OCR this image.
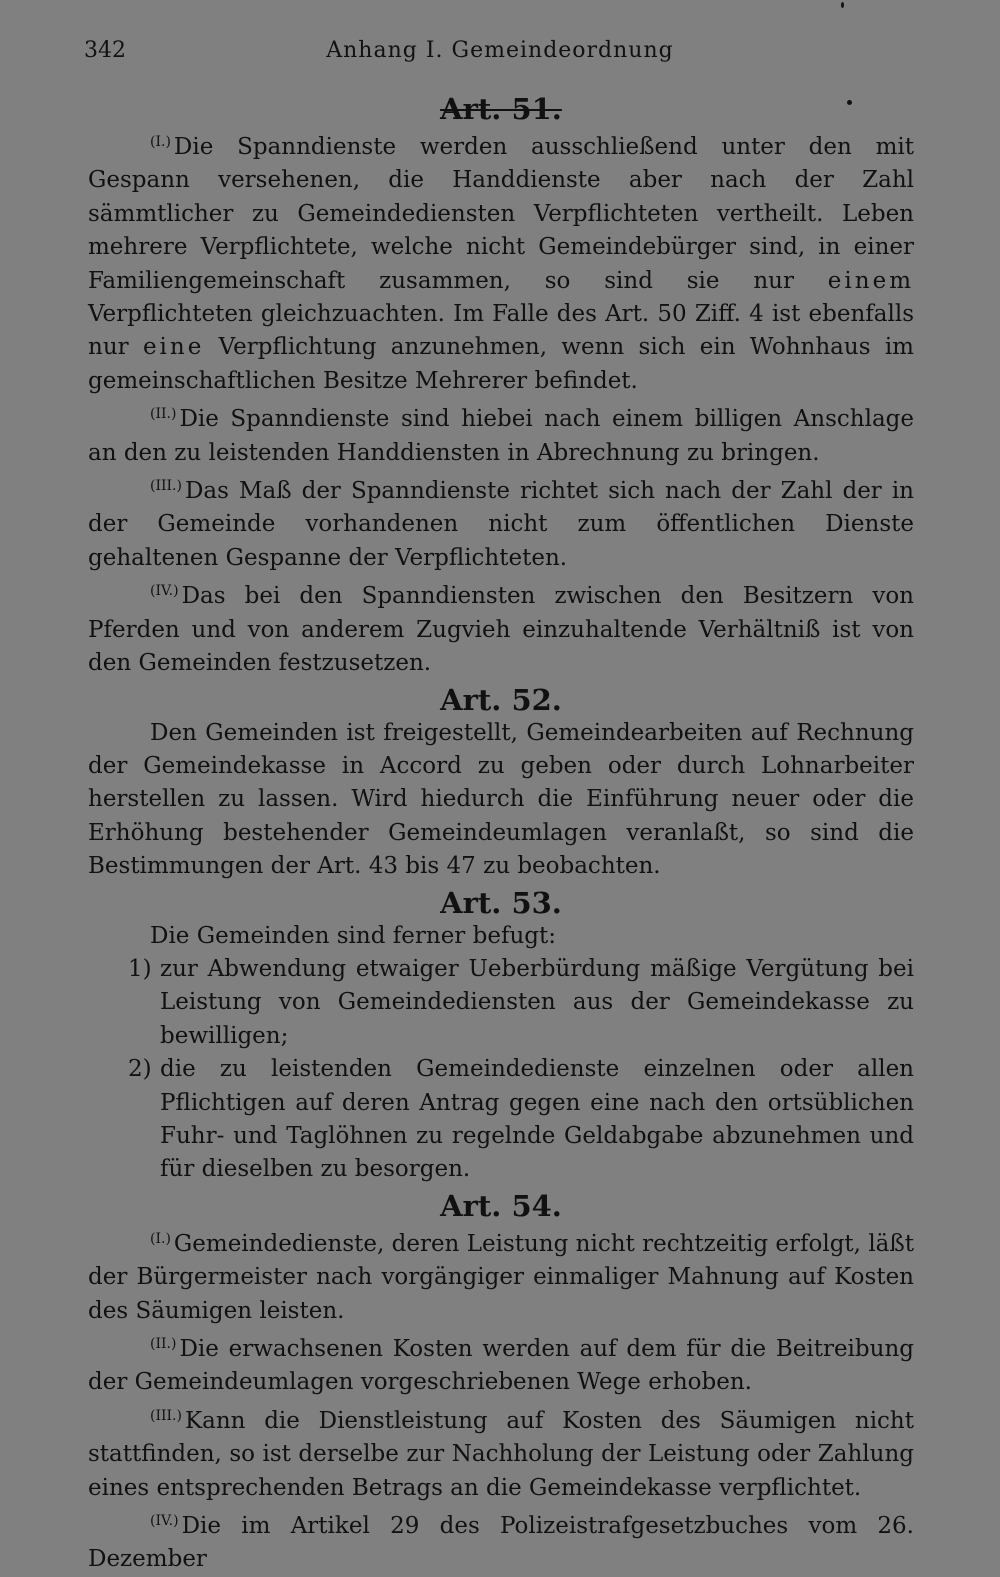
342	Anhang I. Gemeindeordnung
Art. 51.

$^{(I.)}$ Die Spanndienste werden ausschließend unter den mit Gespann versehenen, die Handdienste aber nach der Zahl sämmtlicher zu Gemeindediensten Verpflichteten vertheilt. Leben mehrere Verpflichtete, welche nicht Gemeindebürger sind, in einer Familiengemeinschaft zusammen, so sind sie nur einem Verpflichteten gleichzuachten. Im Falle des Art. 50 Ziff. 4 ist ebenfalls nur eine Verpflichtung anzunehmen, wenn sich ein Wohnhaus im gemeinschaftlichen Besitze Mehrerer befindet.

$^{(II.)}$ Die Spanndienste sind hiebei nach einem billigen Anschlage an den zu leistenden Handdiensten in Abrechnung zu bringen.

$^{(III.)}$ Das Maß der Spanndienste richtet sich nach der Zahl der in der Gemeinde vorhandenen nicht zum öffentlichen Dienste gehaltenen Gespanne der Verpflichteten.

$^{(IV.)}$ Das bei den Spanndiensten zwischen den Besitzern von Pferden und von anderem Zugvieh einzuhaltende Verhältniß ist von den Gemeinden festzusetzen.

Art. 52.

Den Gemeinden ist freigestellt, Gemeindearbeiten auf Rechnung der Gemeindekasse in Accord zu geben oder durch Lohnarbeiter herstellen zu lassen. Wird hiedurch die Einführung neuer oder die Erhöhung bestehender Gemeindeumlagen veranlaßt, so sind die Bestimmungen der Art. 43 bis 47 zu beobachten.

Art. 53.

Die Gemeinden sind ferner befugt:

1) zur Abwendung etwaiger Ueberbürdung mäßige Vergütung bei Leistung von Gemeindediensten aus der Gemeindekasse zu bewilligen;

2) die zu leistenden Gemeindedienste einzelnen oder allen Pflichtigen auf deren Antrag gegen eine nach den ortsüblichen Fuhr- und Taglöhnen zu regelnde Geldabgabe abzunehmen und für dieselben zu besorgen.

Art. 54.

$^{(I.)}$ Gemeindedienste, deren Leistung nicht rechtzeitig erfolgt, läßt der Bürgermeister nach vorgängiger einmaliger Mahnung auf Kosten des Säumigen leisten.

$^{(II.)}$ Die erwachsenen Kosten werden auf dem für die Beitreibung der Gemeindeumlagen vorgeschriebenen Wege erhoben.

$^{(III.)}$ Kann die Dienstleistung auf Kosten des Säumigen nicht stattfinden, so ist derselbe zur Nachholung der Leistung oder Zahlung eines entsprechenden Betrags an die Gemeindekasse verpflichtet.

$^{(IV.)}$ Die im Artikel 29 des Polizeistrafgesetzbuches vom 26. Dezember
